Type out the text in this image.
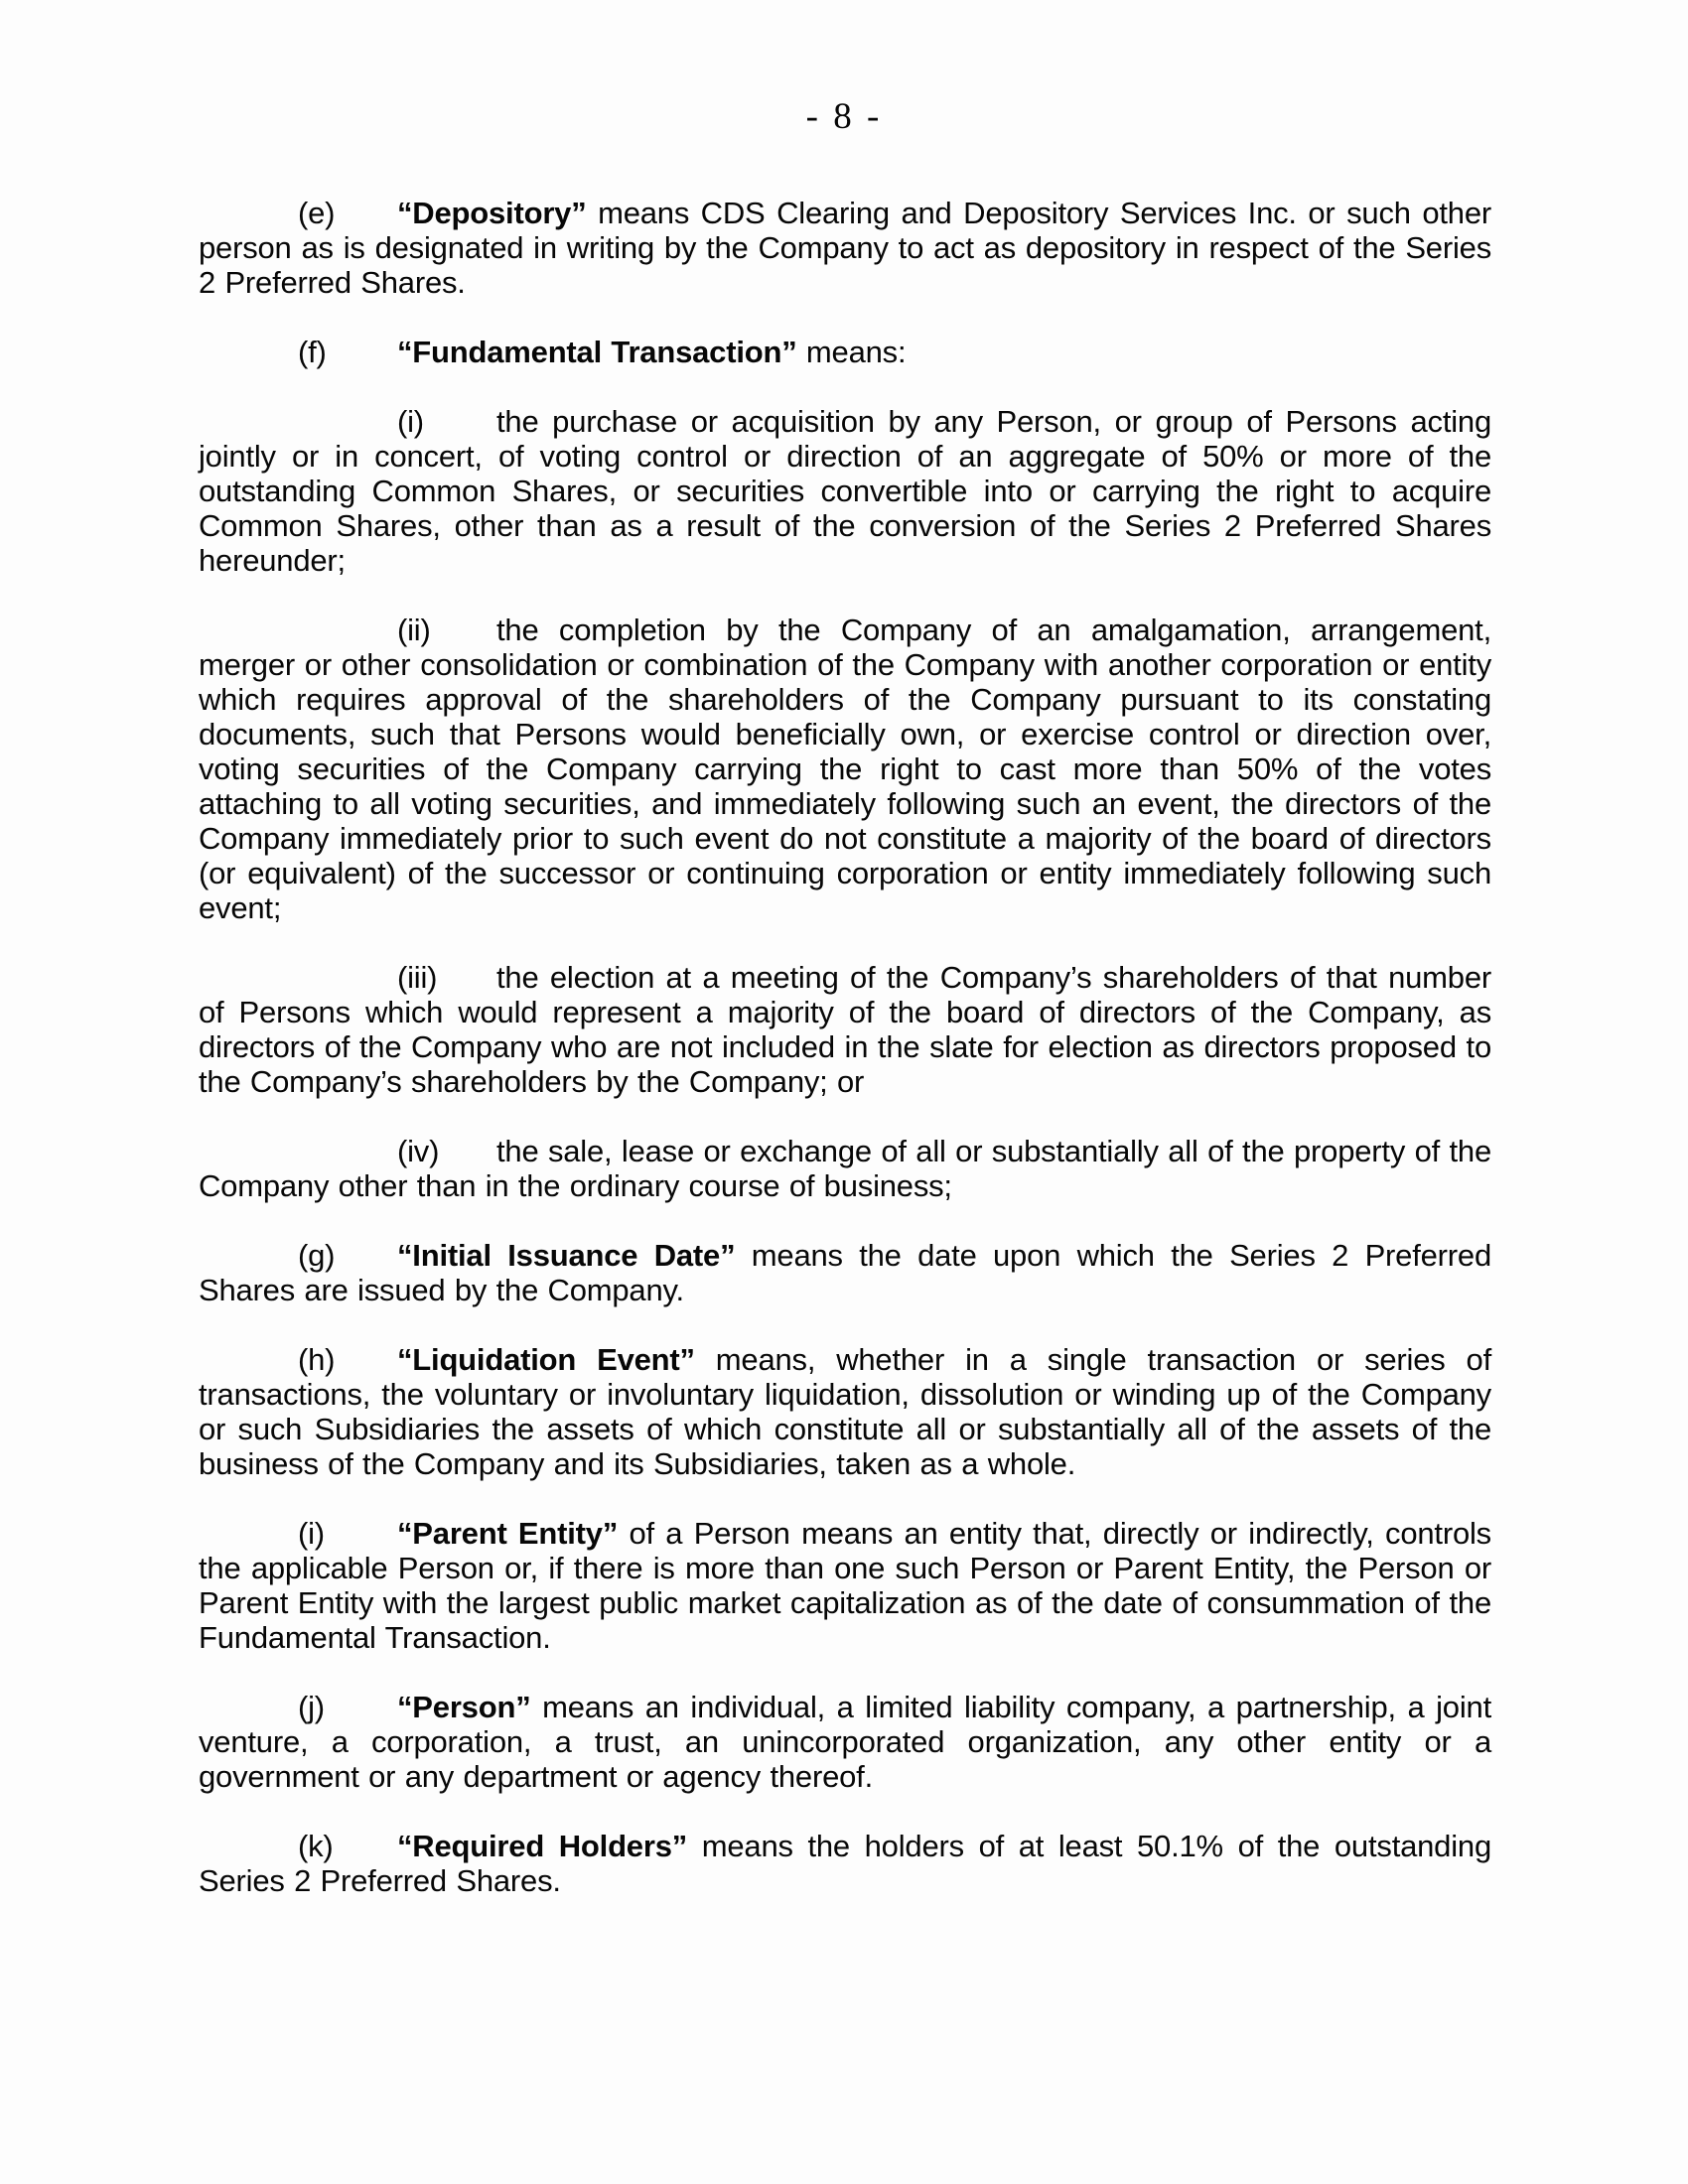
- 8 -

(e) “Depository” means CDS Clearing and Depository Services Inc. or such other person as is designated in writing by the Company to act as depository in respect of the Series 2 Preferred Shares.

(f) “Fundamental Transaction” means:

(i) the purchase or acquisition by any Person, or group of Persons acting jointly or in concert, of voting control or direction of an aggregate of 50% or more of the outstanding Common Shares, or securities convertible into or carrying the right to acquire Common Shares, other than as a result of the conversion of the Series 2 Preferred Shares hereunder;

(ii) the completion by the Company of an amalgamation, arrangement, merger or other consolidation or combination of the Company with another corporation or entity which requires approval of the shareholders of the Company pursuant to its constating documents, such that Persons would beneficially own, or exercise control or direction over, voting securities of the Company carrying the right to cast more than 50% of the votes attaching to all voting securities, and immediately following such an event, the directors of the Company immediately prior to such event do not constitute a majority of the board of directors (or equivalent) of the successor or continuing corporation or entity immediately following such event;

(iii) the election at a meeting of the Company’s shareholders of that number of Persons which would represent a majority of the board of directors of the Company, as directors of the Company who are not included in the slate for election as directors proposed to the Company’s shareholders by the Company; or

(iv) the sale, lease or exchange of all or substantially all of the property of the Company other than in the ordinary course of business;

(g) “Initial Issuance Date” means the date upon which the Series 2 Preferred Shares are issued by the Company.

(h) “Liquidation Event” means, whether in a single transaction or series of transactions, the voluntary or involuntary liquidation, dissolution or winding up of the Company or such Subsidiaries the assets of which constitute all or substantially all of the assets of the business of the Company and its Subsidiaries, taken as a whole.

(i) “Parent Entity” of a Person means an entity that, directly or indirectly, controls the applicable Person or, if there is more than one such Person or Parent Entity, the Person or Parent Entity with the largest public market capitalization as of the date of consummation of the Fundamental Transaction.

(j) “Person” means an individual, a limited liability company, a partnership, a joint venture, a corporation, a trust, an unincorporated organization, any other entity or a government or any department or agency thereof.

(k) “Required Holders” means the holders of at least 50.1% of the outstanding Series 2 Preferred Shares.
